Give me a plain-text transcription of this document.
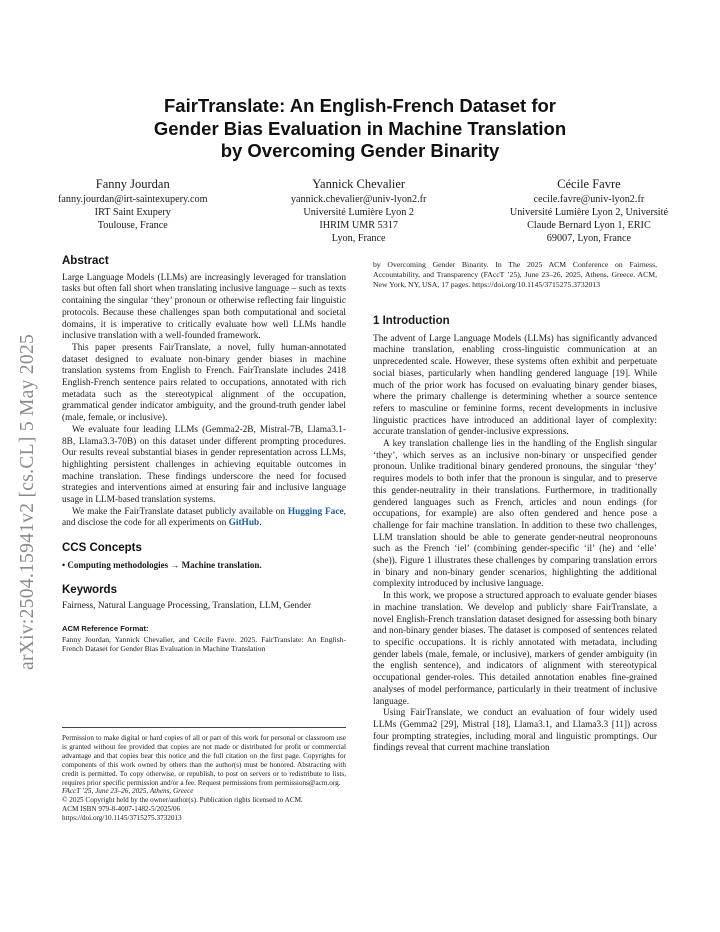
FairTranslate: An English-French Dataset for
Gender Bias Evaluation in Machine Translation
by Overcoming Gender Binarity
Fanny Jourdan
fanny.jourdan@irt-saintexupery.com
IRT Saint Exupery
Toulouse, France
Yannick Chevalier
yannick.chevalier@univ-lyon2.fr
Université Lumière Lyon 2
IHRIM UMR 5317
Lyon, France
Cécile Favre
cecile.favre@univ-lyon2.fr
Université Lumière Lyon 2, Université
Claude Bernard Lyon 1, ERIC
69007, Lyon, France
arXiv:2504.15941v2 [cs.CL] 5 May 2025
Abstract

Large Language Models (LLMs) are increasingly leveraged for translation tasks but often fall short when translating inclusive language – such as texts containing the singular ‘they’ pronoun or otherwise reflecting fair linguistic protocols. Because these challenges span both computational and societal domains, it is imperative to critically evaluate how well LLMs handle inclusive translation with a well-founded framework.

This paper presents FairTranslate, a novel, fully human-annotated dataset designed to evaluate non-binary gender biases in machine translation systems from English to French. FairTranslate includes 2418 English-French sentence pairs related to occupations, annotated with rich metadata such as the stereotypical alignment of the occupation, grammatical gender indicator ambiguity, and the ground-truth gender label (male, female, or inclusive).

We evaluate four leading LLMs (Gemma2-2B, Mistral-7B, Llama3.1-8B, Llama3.3-70B) on this dataset under different prompting procedures. Our results reveal substantial biases in gender representation across LLMs, highlighting persistent challenges in achieving equitable outcomes in machine translation. These findings underscore the need for focused strategies and interventions aimed at ensuring fair and inclusive language usage in LLM-based translation systems.

We make the FairTranslate dataset publicly available on Hugging Face, and disclose the code for all experiments on GitHub.

CCS Concepts

• Computing methodologies → Machine translation.

Keywords

Fairness, Natural Language Processing, Translation, LLM, Gender

ACM Reference Format:
Fanny Jourdan, Yannick Chevalier, and Cécile Favre. 2025. FairTranslate: An English-French Dataset for Gender Bias Evaluation in Machine Translation
Permission to make digital or hard copies of all or part of this work for personal or classroom use is granted without fee provided that copies are not made or distributed for profit or commercial advantage and that copies bear this notice and the full citation on the first page. Copyrights for components of this work owned by others than the author(s) must be honored. Abstracting with credit is permitted. To copy otherwise, or republish, to post on servers or to redistribute to lists, requires prior specific permission and/or a fee. Request permissions from permissions@acm.org.
FAccT ’25, June 23–26, 2025, Athens, Greece
© 2025 Copyright held by the owner/author(s). Publication rights licensed to ACM.
ACM ISBN 979-8-4007-1482-5/2025/06
https://doi.org/10.1145/3715275.3732013
by Overcoming Gender Binarity. In The 2025 ACM Conference on Fairness, Accountability, and Transparency (FAccT ’25), June 23–26, 2025, Athens, Greece. ACM, New York, NY, USA, 17 pages. https://doi.org/10.1145/3715275.3732013
1 Introduction

The advent of Large Language Models (LLMs) has significantly advanced machine translation, enabling cross-linguistic communication at an unprecedented scale. However, these systems often exhibit and perpetuate social biases, particularly when handling gendered language [19]. While much of the prior work has focused on evaluating binary gender biases, where the primary challenge is determining whether a source sentence refers to masculine or feminine forms, recent developments in inclusive linguistic practices have introduced an additional layer of complexity: accurate translation of gender-inclusive expressions.

A key translation challenge lies in the handling of the English singular ‘they’, which serves as an inclusive non-binary or unspecified gender pronoun. Unlike traditional binary gendered pronouns, the singular ‘they’ requires models to both infer that the pronoun is singular, and to preserve this gender-neutrality in their translations. Furthermore, in traditionally gendered languages such as French, articles and noun endings (for occupations, for example) are also often gendered and hence pose a challenge for fair machine translation. In addition to these two challenges, LLM translation should be able to generate gender-neutral neopronouns such as the French ‘iel’ (combining gender-specific ‘il’ (he) and ‘elle’ (she)). Figure 1 illustrates these challenges by comparing translation errors in binary and non-binary gender scenarios, highlighting the additional complexity introduced by inclusive language.

In this work, we propose a structured approach to evaluate gender biases in machine translation. We develop and publicly share FairTranslate, a novel English-French translation dataset designed for assessing both binary and non-binary gender biases. The dataset is composed of sentences related to specific occupations. It is richly annotated with metadata, including gender labels (male, female, or inclusive), markers of gender ambiguity (in the english sentence), and indicators of alignment with stereotypical occupational gender-roles. This detailed annotation enables fine-grained analyses of model performance, particularly in their treatment of inclusive language.

Using FairTranslate, we conduct an evaluation of four widely used LLMs (Gemma2 [29], Mistral [18], Llama3.1, and Llama3.3 [11]) across four prompting strategies, including moral and linguistic promptings. Our findings reveal that current machine translation
